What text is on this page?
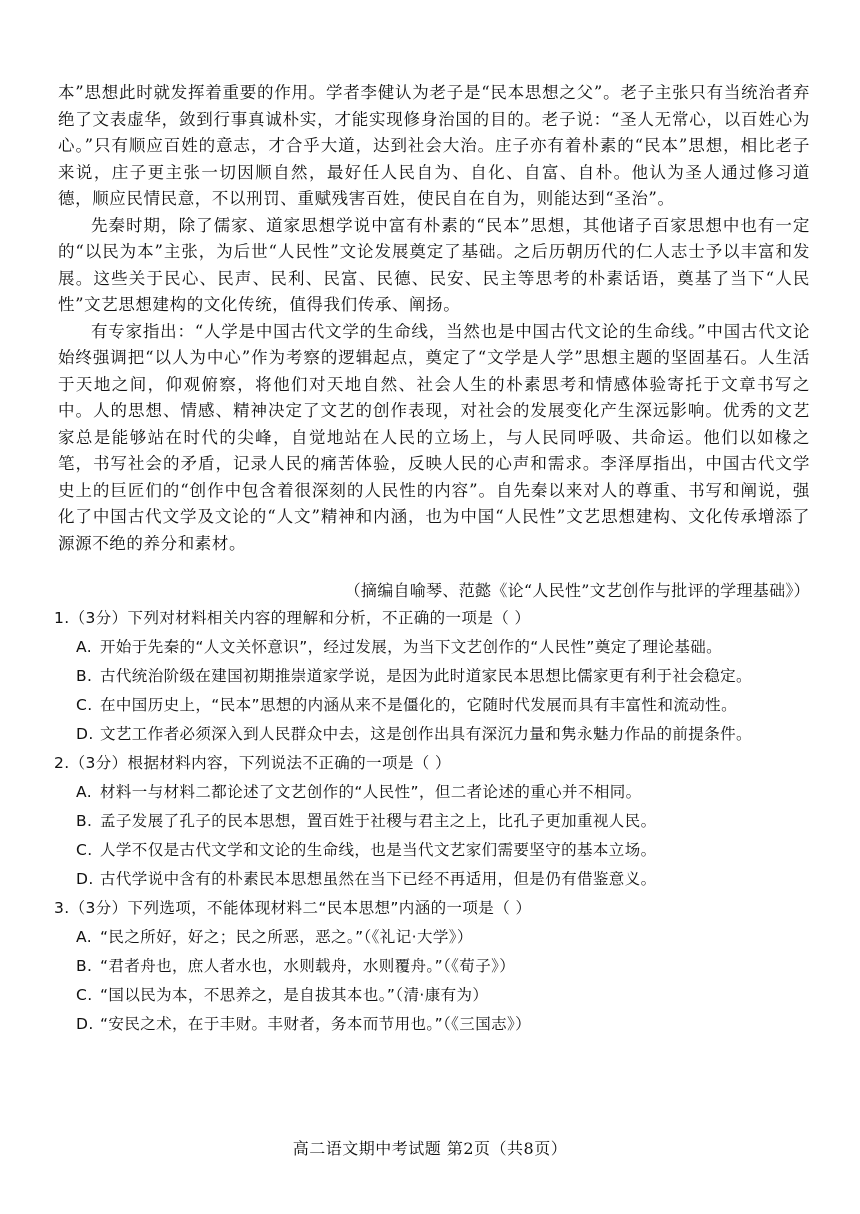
本”思想此时就发挥着重要的作用。学者李健认为老子是“民本思想之父”。老子主张只有当统治者弃绝了文表虚华，敛到行事真诚朴实，才能实现修身治国的目的。老子说：“圣人无常心，以百姓心为心。”只有顺应百姓的意志，才合乎大道，达到社会大治。庄子亦有着朴素的“民本”思想，相比老子来说，庄子更主张一切因顺自然，最好任人民自为、自化、自富、自朴。他认为圣人通过修习道德，顺应民情民意，不以刑罚、重赋残害百姓，使民自在自为，则能达到“圣治”。

先秦时期，除了儒家、道家思想学说中富有朴素的“民本”思想，其他诸子百家思想中也有一定的“以民为本”主张，为后世“人民性”文论发展奠定了基础。之后历朝历代的仁人志士予以丰富和发展。这些关于民心、民声、民利、民富、民德、民安、民主等思考的朴素话语，奠基了当下“人民性”文艺思想建构的文化传统，值得我们传承、阐扬。

有专家指出：“人学是中国古代文学的生命线，当然也是中国古代文论的生命线。”中国古代文论始终强调把“以人为中心”作为考察的逻辑起点，奠定了“文学是人学”思想主题的坚固基石。人生活于天地之间，仰观俯察，将他们对天地自然、社会人生的朴素思考和情感体验寄托于文章书写之中。人的思想、情感、精神决定了文艺的创作表现，对社会的发展变化产生深远影响。优秀的文艺家总是能够站在时代的尖峰，自觉地站在人民的立场上，与人民同呼吸、共命运。他们以如椽之笔，书写社会的矛盾，记录人民的痛苦体验，反映人民的心声和需求。李泽厚指出，中国古代文学史上的巨匠们的“创作中包含着很深刻的人民性的内容”。自先秦以来对人的尊重、书写和阐说，强化了中国古代文学及文论的“人文”精神和内涵，也为中国“人民性”文艺思想建构、文化传承增添了源源不绝的养分和素材。

（摘编自喻琴、范懿《论“人民性”文艺创作与批评的学理基础》）

1.（3分）下列对材料相关内容的理解和分析，不正确的一项是（ ）

A. 开始于先秦的“人文关怀意识”，经过发展，为当下文艺创作的“人民性”奠定了理论基础。

B. 古代统治阶级在建国初期推崇道家学说，是因为此时道家民本思想比儒家更有利于社会稳定。

C. 在中国历史上，“民本”思想的内涵从来不是僵化的，它随时代发展而具有丰富性和流动性。

D. 文艺工作者必须深入到人民群众中去，这是创作出具有深沉力量和隽永魅力作品的前提条件。

2.（3分）根据材料内容，下列说法不正确的一项是（ ）

A. 材料一与材料二都论述了文艺创作的“人民性”，但二者论述的重心并不相同。

B. 孟子发展了孔子的民本思想，置百姓于社稷与君主之上，比孔子更加重视人民。

C. 人学不仅是古代文学和文论的生命线，也是当代文艺家们需要坚守的基本立场。

D. 古代学说中含有的朴素民本思想虽然在当下已经不再适用，但是仍有借鉴意义。

3.（3分）下列选项，不能体现材料二“民本思想”内涵的一项是（ ）

A. “民之所好，好之；民之所恶，恶之。”（《礼记·大学》）

B. “君者舟也，庶人者水也，水则载舟，水则覆舟。”（《荀子》）

C. “国以民为本，不思养之，是自拔其本也。”（清·康有为）

D. “安民之术，在于丰财。丰财者，务本而节用也。”（《三国志》）

高二语文期中考试题 第2页（共8页）
